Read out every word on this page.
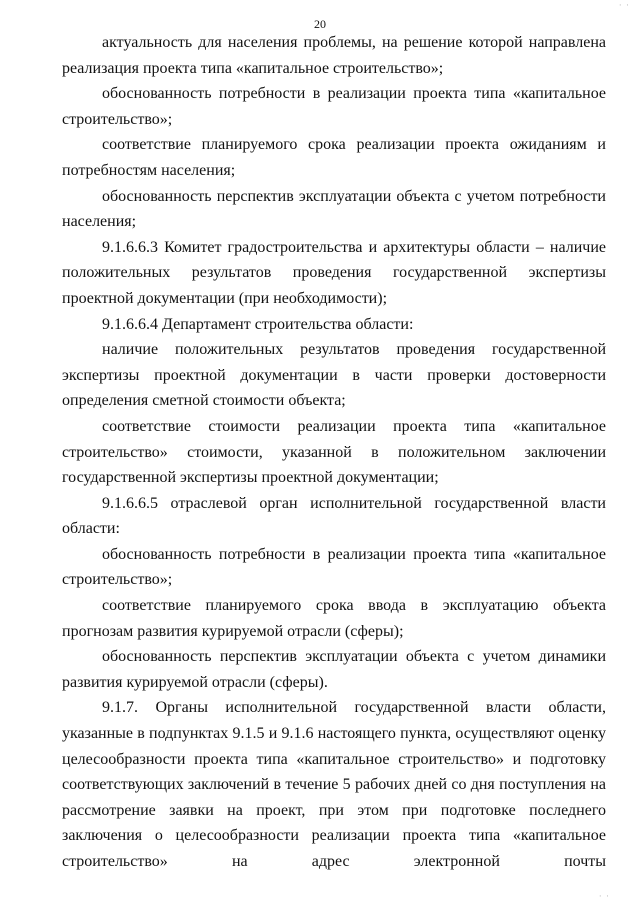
20

актуальность для населения проблемы, на решение которой направлена реализация проекта типа «капитальное строительство»;

обоснованность потребности в реализации проекта типа «капитальное строительство»;

соответствие планируемого срока реализации проекта ожиданиям и потребностям населения;

обоснованность перспектив эксплуатации объекта с учетом потребности населения;

9.1.6.6.3 Комитет градостроительства и архитектуры области – наличие положительных результатов проведения государственной экспертизы проектной документации (при необходимости);

9.1.6.6.4 Департамент строительства области:

наличие положительных результатов проведения государственной экспертизы проектной документации в части проверки достоверности определения сметной стоимости объекта;

соответствие стоимости реализации проекта типа «капитальное строительство» стоимости, указанной в положительном заключении государственной экспертизы проектной документации;

9.1.6.6.5 отраслевой орган исполнительной государственной власти области:

обоснованность потребности в реализации проекта типа «капитальное строительство»;

соответствие планируемого срока ввода в эксплуатацию объекта прогнозам развития курируемой отрасли (сферы);

обоснованность перспектив эксплуатации объекта с учетом динамики развития курируемой отрасли (сферы).

9.1.7. Органы исполнительной государственной власти области, указанные в подпунктах 9.1.5 и 9.1.6 настоящего пункта, осуществляют оценку целесообразности проекта типа «капитальное строительство» и подготовку соответствующих заключений в течение 5 рабочих дней со дня поступления на рассмотрение заявки на проект, при этом при подготовке последнего заключения о целесообразности реализации проекта типа «капитальное строительство» на адрес электронной почты

· ·
· ·
